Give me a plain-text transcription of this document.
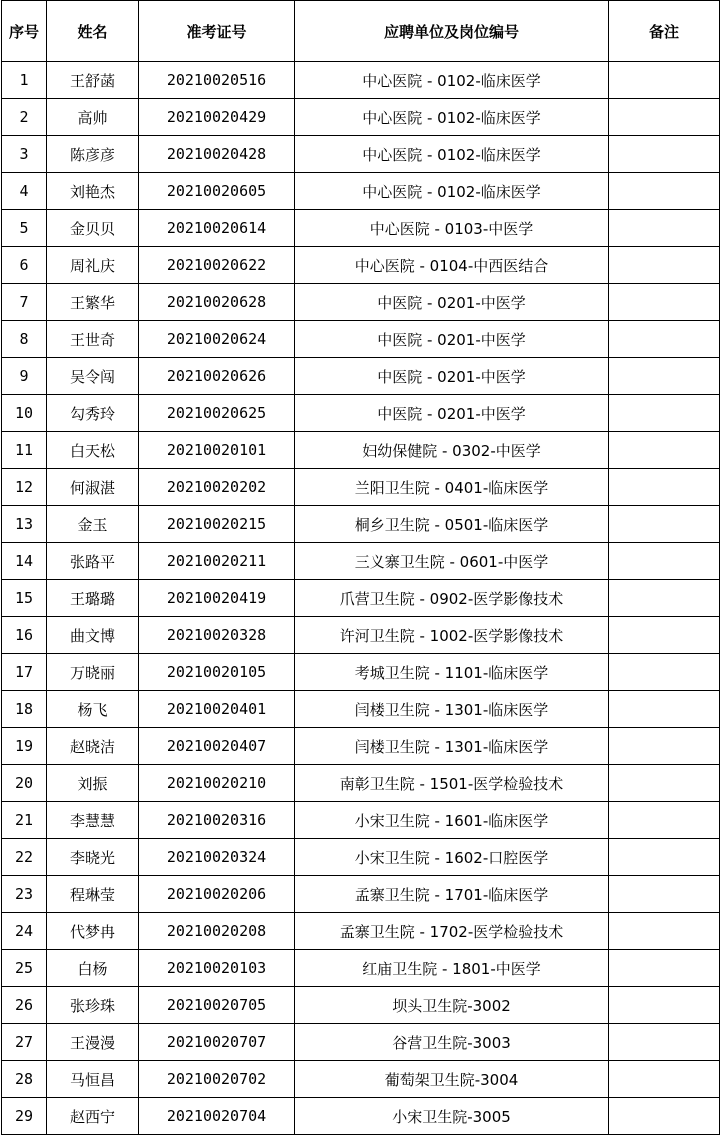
序号	姓名	准考证号	应聘单位及岗位编号	备注
1	王舒菡	20210020516	中心医院 - 0102-临床医学	
2	高帅	20210020429	中心医院 - 0102-临床医学	
3	陈彦彦	20210020428	中心医院 - 0102-临床医学	
4	刘艳杰	20210020605	中心医院 - 0102-临床医学	
5	金贝贝	20210020614	中心医院 - 0103-中医学	
6	周礼庆	20210020622	中心医院 - 0104-中西医结合	
7	王繁华	20210020628	中医院 - 0201-中医学	
8	王世奇	20210020624	中医院 - 0201-中医学	
9	吴令闯	20210020626	中医院 - 0201-中医学	
10	勾秀玲	20210020625	中医院 - 0201-中医学	
11	白天松	20210020101	妇幼保健院 - 0302-中医学	
12	何淑湛	20210020202	兰阳卫生院 - 0401-临床医学	
13	金玉	20210020215	桐乡卫生院 - 0501-临床医学	
14	张路平	20210020211	三义寨卫生院 - 0601-中医学	
15	王璐璐	20210020419	爪营卫生院 - 0902-医学影像技术	
16	曲文博	20210020328	许河卫生院 - 1002-医学影像技术	
17	万晓丽	20210020105	考城卫生院 - 1101-临床医学	
18	杨飞	20210020401	闫楼卫生院 - 1301-临床医学	
19	赵晓洁	20210020407	闫楼卫生院 - 1301-临床医学	
20	刘振	20210020210	南彰卫生院 - 1501-医学检验技术	
21	李慧慧	20210020316	小宋卫生院 - 1601-临床医学	
22	李晓光	20210020324	小宋卫生院 - 1602-口腔医学	
23	程琳莹	20210020206	孟寨卫生院 - 1701-临床医学	
24	代梦冉	20210020208	孟寨卫生院 - 1702-医学检验技术	
25	白杨	20210020103	红庙卫生院 - 1801-中医学	
26	张珍珠	20210020705	坝头卫生院-3002	
27	王漫漫	20210020707	谷营卫生院-3003	
28	马恒昌	20210020702	葡萄架卫生院-3004	
29	赵西宁	20210020704	小宋卫生院-3005	
